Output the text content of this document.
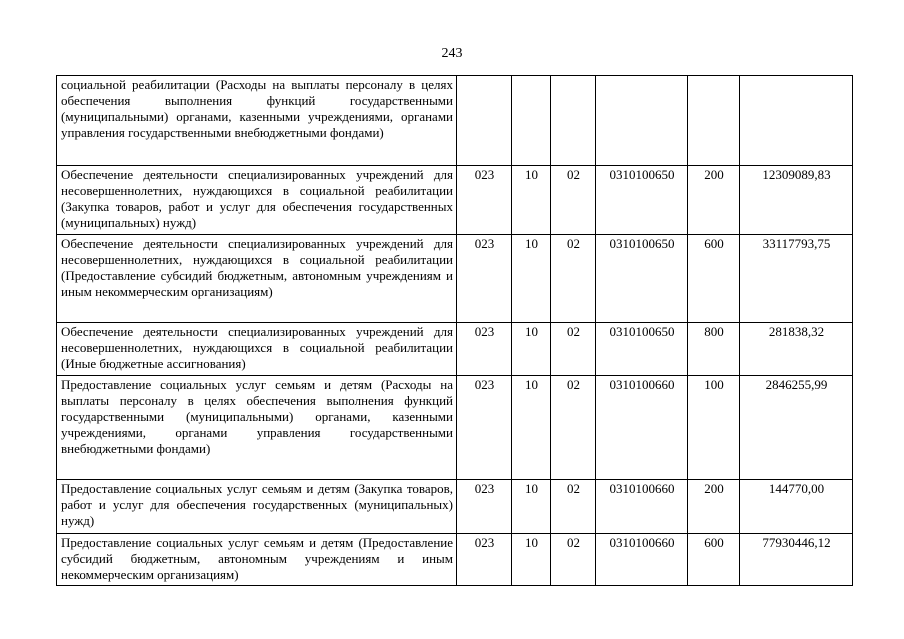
243
социальной реабилитации (Расходы на выплаты персоналу в целях обеспечения выполнения функций государственными (муниципальными) органами, казенными учреждениями, органами управления государственными внебюджетными фондами)						
Обеспечение деятельности специализированных учреждений для несовершеннолетних, нуждающихся в социальной реабилитации (Закупка товаров, работ и услуг для обеспечения государственных (муниципальных) нужд)	023	10	02	0310100650	200	12309089,83
Обеспечение деятельности специализированных учреждений для несовершеннолетних, нуждающихся в социальной реабилитации (Предоставление субсидий бюджетным, автономным учреждениям и иным некоммерческим организациям)	023	10	02	0310100650	600	33117793,75
Обеспечение деятельности специализированных учреждений для несовершеннолетних, нуждающихся в социальной реабилитации (Иные бюджетные ассигнования)	023	10	02	0310100650	800	281838,32
Предоставление социальных услуг семьям и детям (Расходы на выплаты персоналу в целях обеспечения выполнения функций государственными (муниципальными) органами, казенными учреждениями, органами управления государственными внебюджетными фондами)	023	10	02	0310100660	100	2846255,99
Предоставление социальных услуг семьям и детям (Закупка товаров, работ и услуг для обеспечения государственных (муниципальных) нужд)	023	10	02	0310100660	200	144770,00
Предоставление социальных услуг семьям и детям (Предоставление субсидий бюджетным, автономным учреждениям и иным некоммерческим организациям)	023	10	02	0310100660	600	77930446,12
